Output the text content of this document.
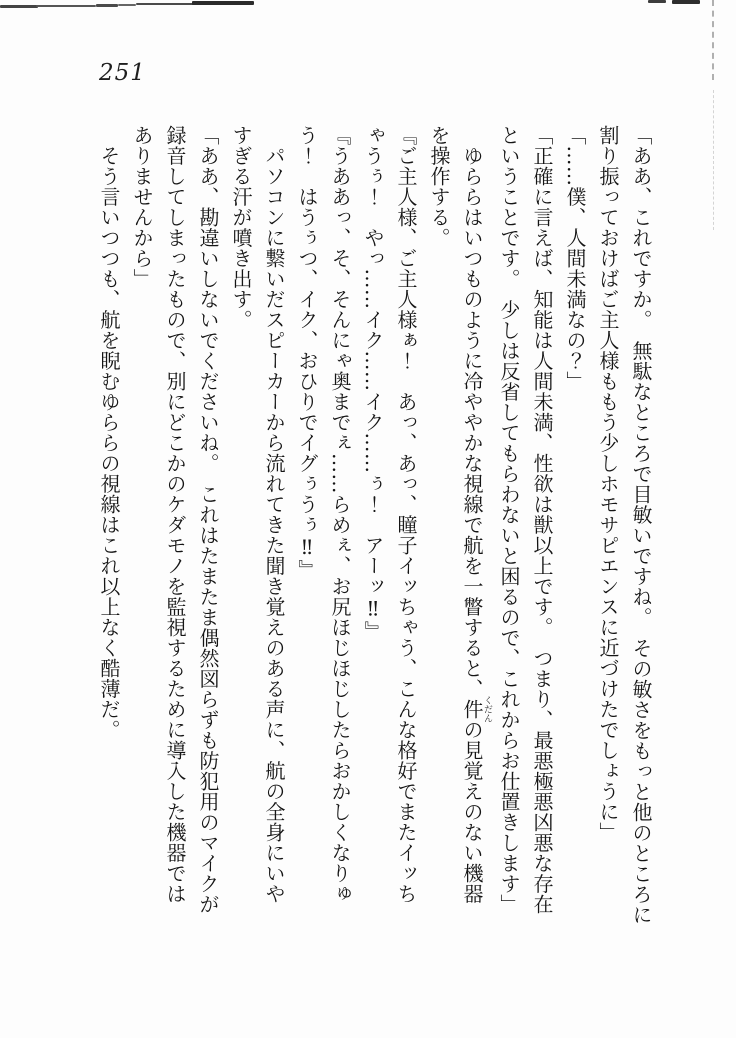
251

「ああ、これですか。　無駄なところで目敏いですね。　その敏さをもっと他のところに

割り振っておけばご主人様ももう少しホモサピエンスに近づけたでしょうに」

「……僕、人間未満なの？」

「正確に言えば、知能は人間未満、性欲は獣以上です。　つまり、最悪極悪凶悪な存在

ということです。　少しは反省してもらわないと困るので、これからお仕置きします」

　ゆららはいつものように冷ややかな視線で航を一瞥すると、件くだんの見覚えのない機器

を操作する。

『ご主人様、ご主人様ぁ！　あっ、あっ、瞳子イッちゃう、こんな格好でまたイッち

ゃうぅ！　やっ……イク……イク……ぅ！　アーッ‼』

『うああっ、そ、そんにゃ奥までぇ……らめぇ、お尻ほじほじしたらおかしくなりゅ

う！　はうぅつ、イク、おひりでイグぅうぅ‼』

　パソコンに繋いだスピーカーから流れてきた聞き覚えのある声に、航の全身にいや

すぎる汗が噴き出す。

「ああ、勘違いしないでくださいね。　これはたまたま偶然図らずも防犯用のマイクが

録音してしまったもので、別にどこかのケダモノを監視するために導入した機器では

ありませんから」

　そう言いつつも、航を睨むゆららの視線はこれ以上なく酷薄だ。
